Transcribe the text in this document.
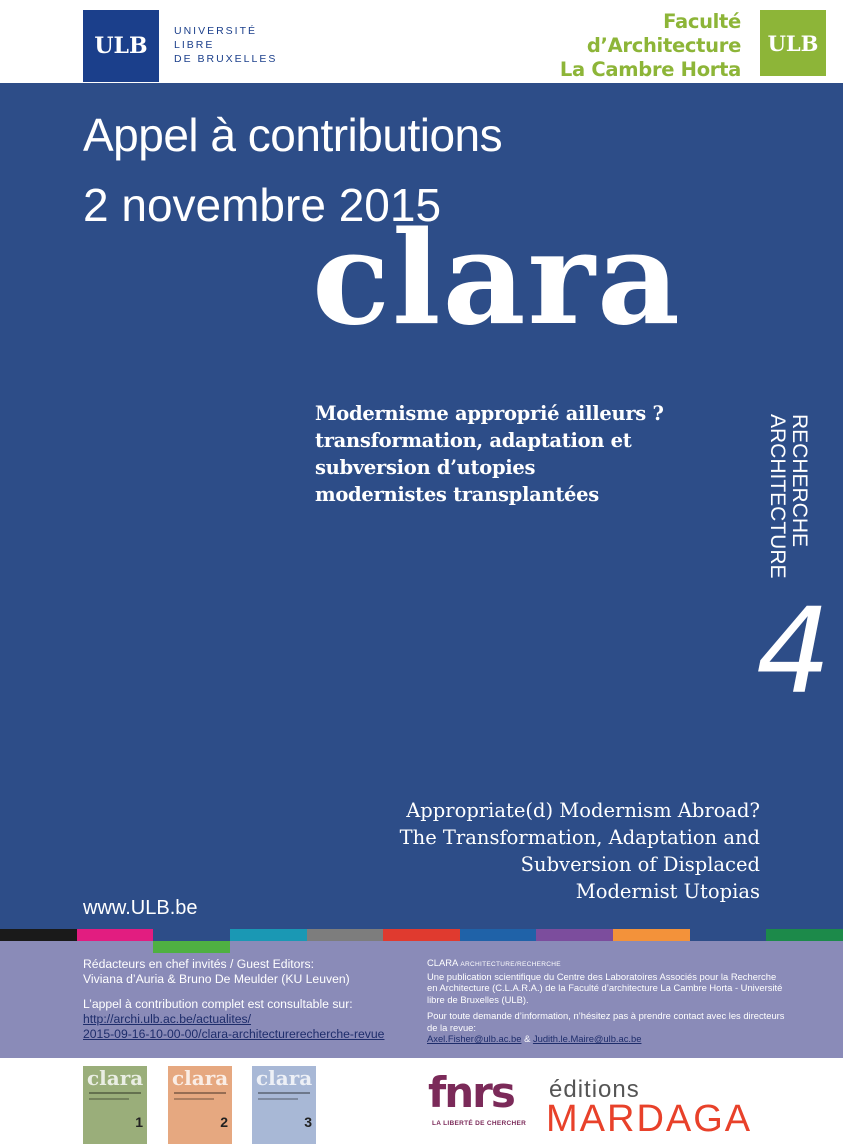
ULB
UNIVERSITÉ
LIBRE
DE BRUXELLES
Faculté
d’Architecture
La Cambre Horta
ULB
Appel à contributions
2 novembre 2015
clara
Modernisme approprié ailleurs ?
transformation, adaptation et
subversion d’utopies
modernistes transplantées	RECHERCHE
ARCHITECTURE
4
Appropriate(d) Modernism Abroad?
The Transformation, Adaptation and
Subversion of Displaced
Modernist Utopias
www.ULB.be

Rédacteurs en chef invités / Guest Editors:

Viviana d’Auria & Bruno De Meulder (KU Leuven)

L’appel à contribution complet est consultable sur:

http://archi.ulb.ac.be/actualites/

2015-09-16-10-00-00/clara-architecturerecherche-revue

CLARA ARCHITECTURE/RECHERCHE

Une publication scientifique du Centre des Laboratoires Associés pour la Recherche en Architecture (C.L.A.R.A.) de la Faculté d’architecture La Cambre Horta - Université libre de Bruxelles (ULB).

Pour toute demande d’information, n’hésitez pas à prendre contact avec les directeurs de la revue:

Axel.Fisher@ulb.ac.be & Judith.le.Maire@ulb.ac.be

clara
1
clara
2
clara
3
fnrs
LA LIBERTÉ DE CHERCHER
éditions
MARDAGA
